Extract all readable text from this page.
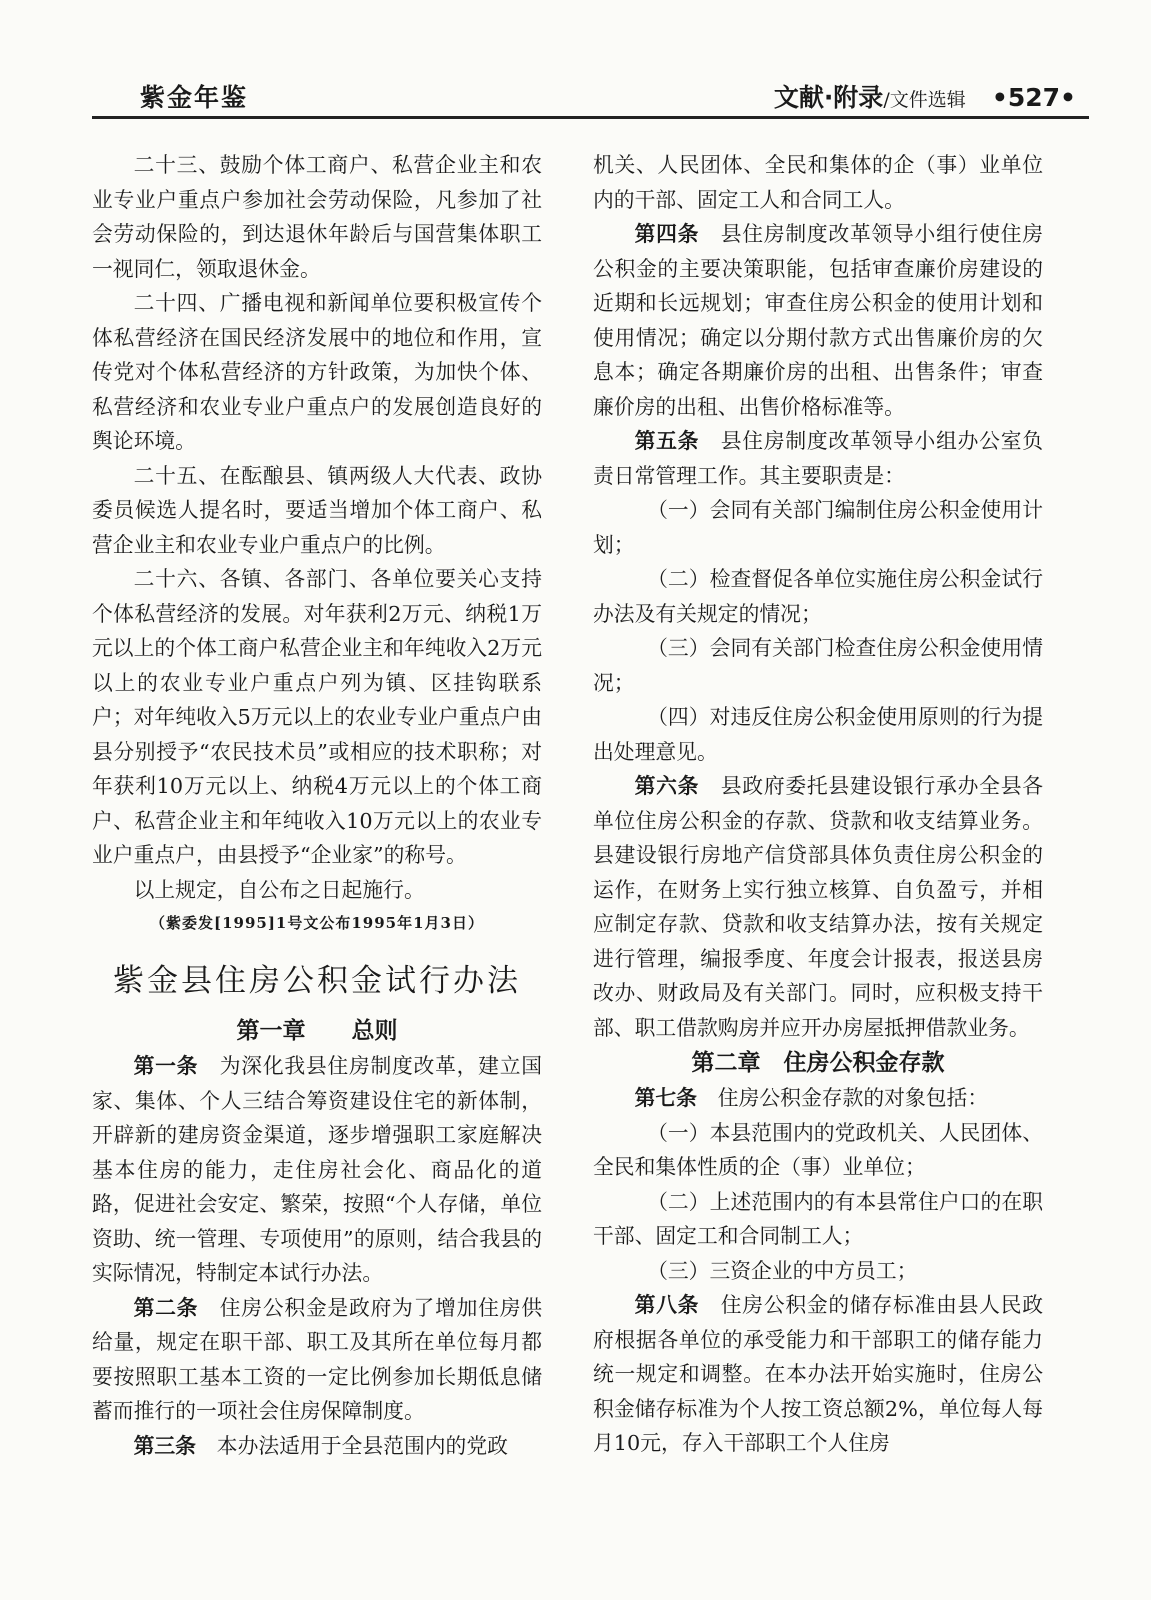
紫金年鉴	文献·附录/文件选辑 •527•

二十三、鼓励个体工商户、私营企业主和农业专业户重点户参加社会劳动保险，凡参加了社会劳动保险的，到达退休年龄后与国营集体职工一视同仁，领取退休金。

二十四、广播电视和新闻单位要积极宣传个体私营经济在国民经济发展中的地位和作用，宣传党对个体私营经济的方针政策，为加快个体、私营经济和农业专业户重点户的发展创造良好的舆论环境。

二十五、在酝酿县、镇两级人大代表、政协委员候选人提名时，要适当增加个体工商户、私营企业主和农业专业户重点户的比例。

二十六、各镇、各部门、各单位要关心支持个体私营经济的发展。对年获利2万元、纳税1万元以上的个体工商户私营企业主和年纯收入2万元以上的农业专业户重点户列为镇、区挂钩联系户；对年纯收入5万元以上的农业专业户重点户由县分别授予“农民技术员”或相应的技术职称；对年获利10万元以上、纳税4万元以上的个体工商户、私营企业主和年纯收入10万元以上的农业专业户重点户，由县授予“企业家”的称号。

以上规定，自公布之日起施行。

（紫委发[1995]1号文公布1995年1月3日）

紫金县住房公积金试行办法
第一章　　总则

第一条　 为深化我县住房制度改革，建立国家、集体、个人三结合筹资建设住宅的新体制，开辟新的建房资金渠道，逐步增强职工家庭解决基本住房的能力，走住房社会化、商品化的道路，促进社会安定、繁荣，按照“个人存储，单位资助、统一管理、专项使用”的原则，结合我县的实际情况，特制定本试行办法。

第二条　 住房公积金是政府为了增加住房供给量，规定在职干部、职工及其所在单位每月都要按照职工基本工资的一定比例参加长期低息储蓄而推行的一项社会住房保障制度。

第三条　 本办法适用于全县范围内的党政

机关、人民团体、全民和集体的企（事）业单位内的干部、固定工人和合同工人。

第四条　 县住房制度改革领导小组行使住房公积金的主要决策职能，包括审查廉价房建设的近期和长远规划；审查住房公积金的使用计划和使用情况；确定以分期付款方式出售廉价房的欠息本；确定各期廉价房的出租、出售条件；审查廉价房的出租、出售价格标准等。

第五条　 县住房制度改革领导小组办公室负责日常管理工作。其主要职责是：

（一）会同有关部门编制住房公积金使用计划；

（二）检查督促各单位实施住房公积金试行办法及有关规定的情况；

（三）会同有关部门检查住房公积金使用情况；

（四）对违反住房公积金使用原则的行为提出处理意见。

第六条　 县政府委托县建设银行承办全县各单位住房公积金的存款、贷款和收支结算业务。县建设银行房地产信贷部具体负责住房公积金的运作，在财务上实行独立核算、自负盈亏，并相应制定存款、贷款和收支结算办法，按有关规定进行管理，编报季度、年度会计报表，报送县房改办、财政局及有关部门。同时，应积极支持干部、职工借款购房并应开办房屋抵押借款业务。

第二章　住房公积金存款

第七条　 住房公积金存款的对象包括：

（一）本县范围内的党政机关、人民团体、全民和集体性质的企（事）业单位；

（二）上述范围内的有本县常住户口的在职干部、固定工和合同制工人；

（三）三资企业的中方员工；

第八条　 住房公积金的储存标准由县人民政府根据各单位的承受能力和干部职工的储存能力统一规定和调整。在本办法开始实施时，住房公积金储存标准为个人按工资总额2%，单位每人每月10元，存入干部职工个人住房
